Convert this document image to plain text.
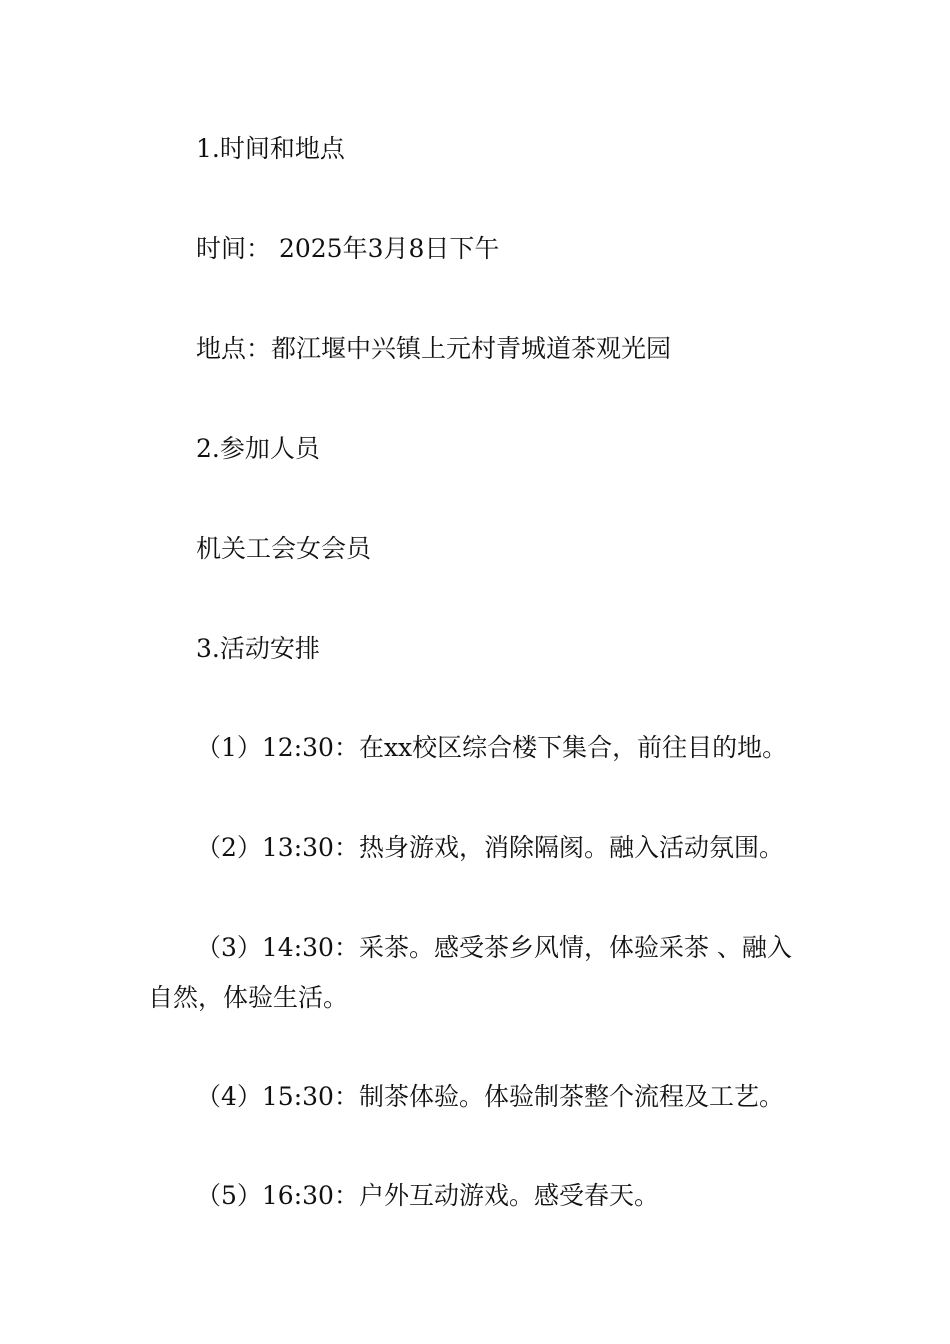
1.时间和地点

时间： 2025年3月8日下午

地点：都江堰中兴镇上元村青城道茶观光园

2.参加人员

机关工会女会员

3.活动安排

（1）12:30：在xx校区综合楼下集合，前往目的地。

（2）13:30：热身游戏，消除隔阂。融入活动氛围。

（3）14:30：采茶。感受茶乡风情，体验采茶 、融入

自然，体验生活。

（4）15:30：制茶体验。体验制茶整个流程及工艺。

（5）16:30：户外互动游戏。感受春天。
